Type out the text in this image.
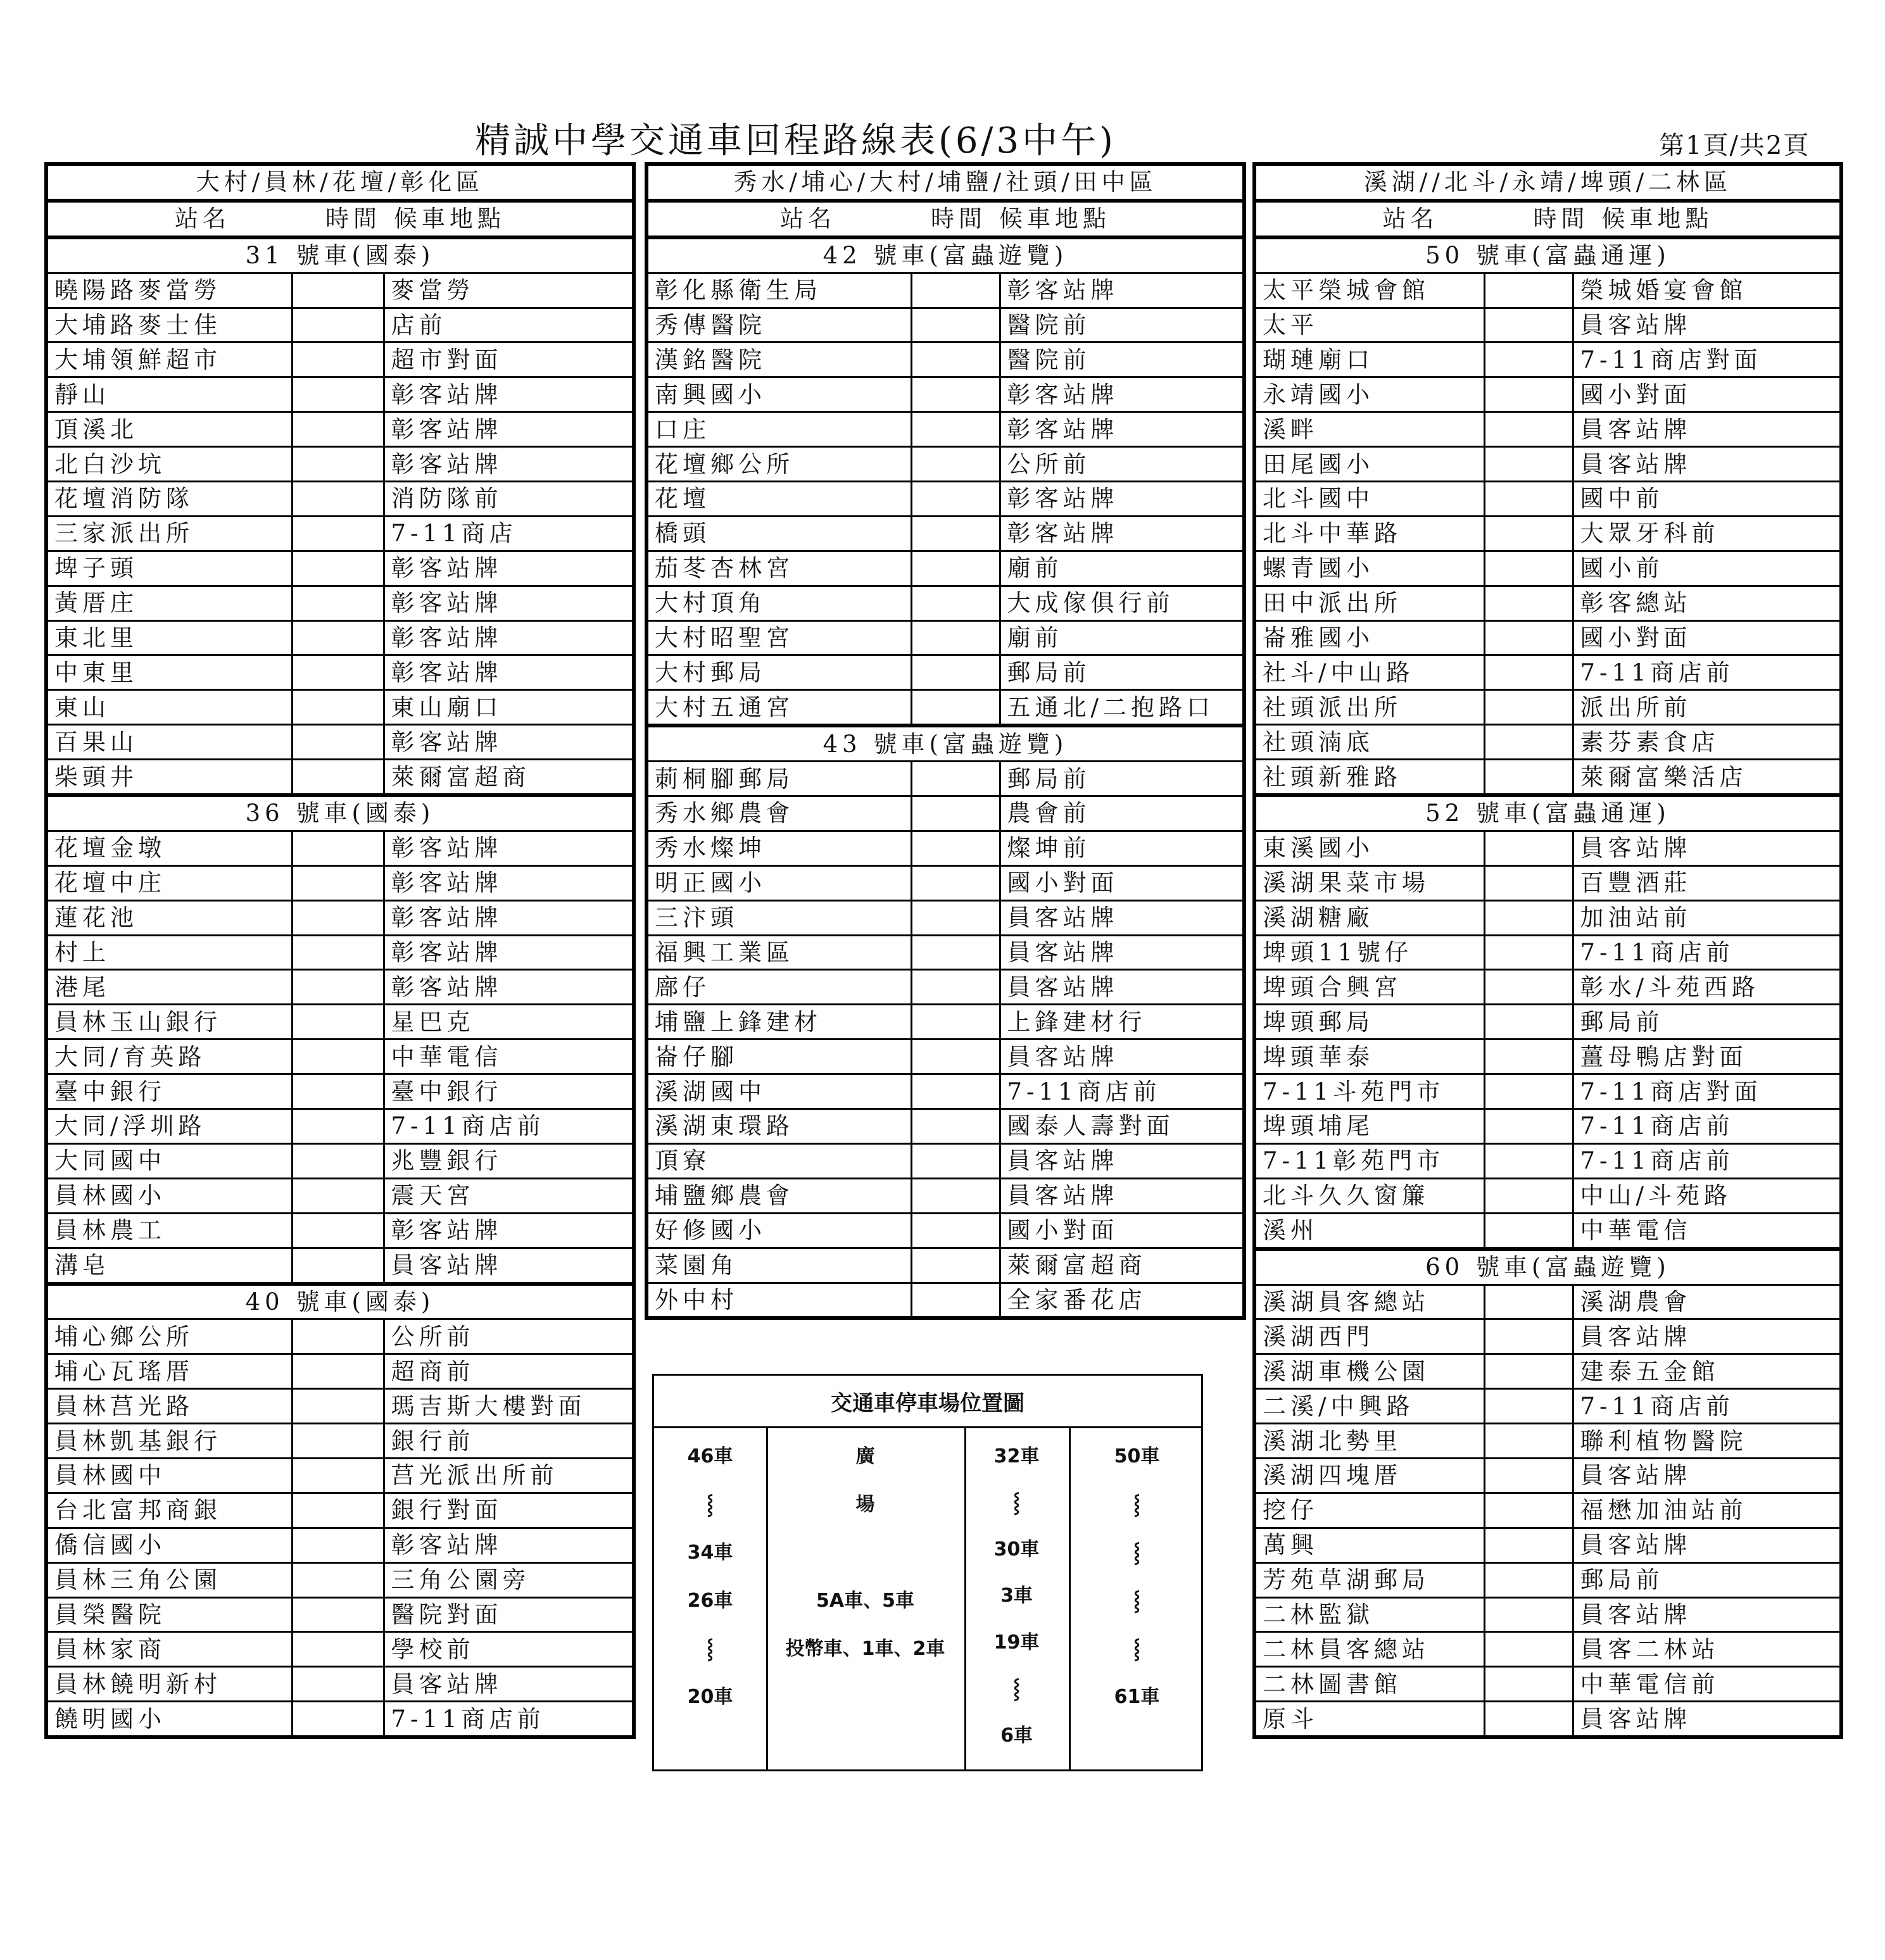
精誠中學交通車回程路線表(6/3中午)	第1頁/共2頁
大村/員林/花壇/彰化區		
站名 時間 候車地點		
31 號車(國泰)		
曉陽路麥當勞		麥當勞
大埔路麥士佳		店前
大埔領鮮超市		超市對面
靜山		彰客站牌
頂溪北		彰客站牌
北白沙坑		彰客站牌
花壇消防隊		消防隊前
三家派出所		7-11商店
埤子頭		彰客站牌
黃厝庄		彰客站牌
東北里		彰客站牌
中東里		彰客站牌
東山		東山廟口
百果山		彰客站牌
柴頭井		萊爾富超商
36 號車(國泰)		
花壇金墩		彰客站牌
花壇中庄		彰客站牌
蓮花池		彰客站牌
村上		彰客站牌
港尾		彰客站牌
員林玉山銀行		星巴克
大同/育英路		中華電信
臺中銀行		臺中銀行
大同/浮圳路		7-11商店前
大同國中		兆豐銀行
員林國小		震天宮
員林農工		彰客站牌
溝皂		員客站牌
40 號車(國泰)		
埔心鄉公所		公所前
埔心瓦瑤厝		超商前
員林莒光路		瑪吉斯大樓對面
員林凱基銀行		銀行前
員林國中		莒光派出所前
台北富邦商銀		銀行對面
僑信國小		彰客站牌
員林三角公園		三角公園旁
員榮醫院		醫院對面
員林家商		學校前
員林饒明新村		員客站牌
饒明國小		7-11商店前
秀水/埔心/大村/埔鹽/社頭/田中區		
站名 時間 候車地點		
42 號車(富蟲遊覽)		
彰化縣衛生局		彰客站牌
秀傳醫院		醫院前
漢銘醫院		醫院前
南興國小		彰客站牌
口庄		彰客站牌
花壇鄉公所		公所前
花壇		彰客站牌
橋頭		彰客站牌
茄苳杏林宮		廟前
大村頂角		大成傢俱行前
大村昭聖宮		廟前
大村郵局		郵局前
大村五通宮		五通北/二抱路口
43 號車(富蟲遊覽)		
莿桐腳郵局		郵局前
秀水鄉農會		農會前
秀水燦坤		燦坤前
明正國小		國小對面
三汴頭		員客站牌
福興工業區		員客站牌
廍仔		員客站牌
埔鹽上鋒建材		上鋒建材行
崙仔腳		員客站牌
溪湖國中		7-11商店前
溪湖東環路		國泰人壽對面
頂寮		員客站牌
埔鹽鄉農會		員客站牌
好修國小		國小對面
菜園角		萊爾富超商
外中村		全家番花店
溪湖//北斗/永靖/埤頭/二林區		
站名 時間 候車地點		
50 號車(富蟲通運)		
太平榮城會館		榮城婚宴會館
太平		員客站牌
瑚璉廟口		7-11商店對面
永靖國小		國小對面
溪畔		員客站牌
田尾國小		員客站牌
北斗國中		國中前
北斗中華路		大眾牙科前
螺青國小		國小前
田中派出所		彰客總站
崙雅國小		國小對面
社斗/中山路		7-11商店前
社頭派出所		派出所前
社頭湳底		素芬素食店
社頭新雅路		萊爾富樂活店
52 號車(富蟲通運)		
東溪國小		員客站牌
溪湖果菜市場		百豐酒莊
溪湖糖廠		加油站前
埤頭11號仔		7-11商店前
埤頭合興宮		彰水/斗苑西路
埤頭郵局		郵局前
埤頭華泰		薑母鴨店對面
7-11斗苑門市		7-11商店對面
埤頭埔尾		7-11商店前
7-11彰苑門市		7-11商店前
北斗久久窗簾		中山/斗苑路
溪州		中華電信
60 號車(富蟲遊覽)		
溪湖員客總站		溪湖農會
溪湖西門		員客站牌
溪湖車機公園		建泰五金館
二溪/中興路		7-11商店前
溪湖北勢里		聯利植物醫院
溪湖四塊厝		員客站牌
挖仔		福懋加油站前
萬興		員客站牌
芳苑草湖郵局		郵局前
二林監獄		員客站牌
二林員客總站		員客二林站
二林圖書館		中華電信前
原斗		員客站牌
交通車停車場位置圖
46車
⸾
34車
26車
⸾
20車
廣
場
5A車、5車
投幣車、1車、2車
32車
⸾
30車
3車
19車
⸾
6車
50車
⸾
⸾
⸾
⸾
61車
